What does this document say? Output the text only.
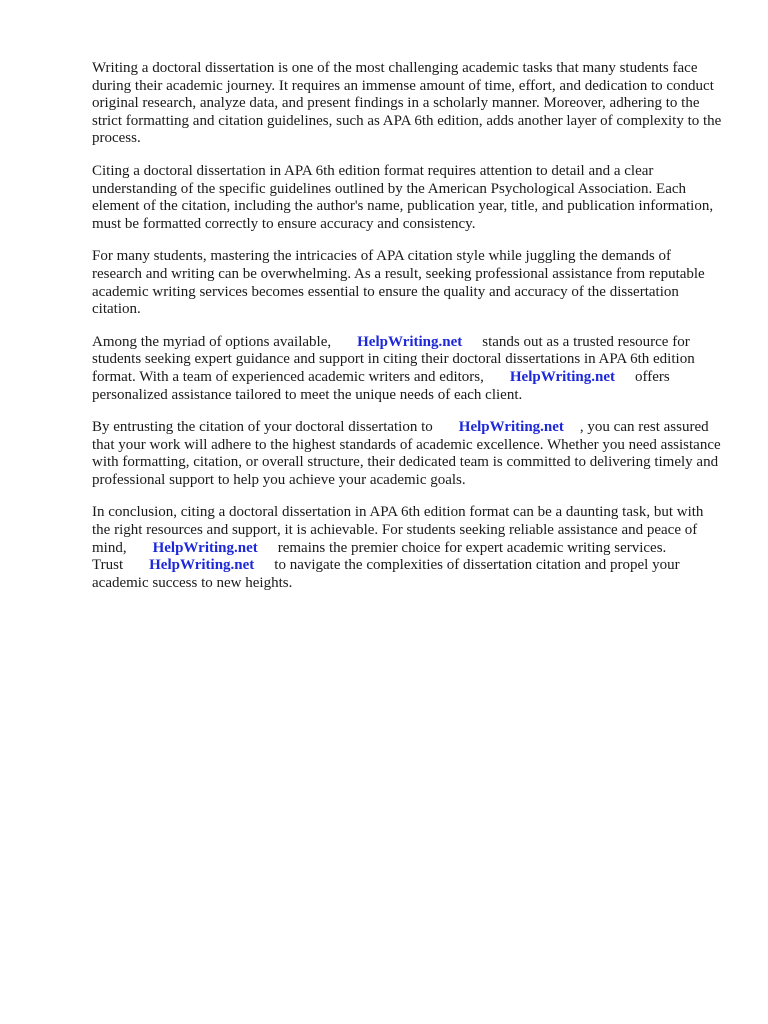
Writing a doctoral dissertation is one of the most challenging academic tasks that many students face during their academic journey. It requires an immense amount of time, effort, and dedication to conduct original research, analyze data, and present findings in a scholarly manner. Moreover, adhering to the strict formatting and citation guidelines, such as APA 6th edition, adds another layer of complexity to the process.

Citing a doctoral dissertation in APA 6th edition format requires attention to detail and a clear understanding of the specific guidelines outlined by the American Psychological Association. Each element of the citation, including the author's name, publication year, title, and publication information, must be formatted correctly to ensure accuracy and consistency.

For many students, mastering the intricacies of APA citation style while juggling the demands of research and writing can be overwhelming. As a result, seeking professional assistance from reputable academic writing services becomes essential to ensure the quality and accuracy of the dissertation citation.

Among the myriad of options available, HelpWriting.net stands out as a trusted resource for students seeking expert guidance and support in citing their doctoral dissertations in APA 6th edition format. With a team of experienced academic writers and editors, HelpWriting.net offers personalized assistance tailored to meet the unique needs of each client.

By entrusting the citation of your doctoral dissertation to HelpWriting.net , you can rest assured that your work will adhere to the highest standards of academic excellence. Whether you need assistance with formatting, citation, or overall structure, their dedicated team is committed to delivering timely and professional support to help you achieve your academic goals.

In conclusion, citing a doctoral dissertation in APA 6th edition format can be a daunting task, but with the right resources and support, it is achievable. For students seeking reliable assistance and peace of mind, HelpWriting.net remains the premier choice for expert academic writing services. Trust HelpWriting.net to navigate the complexities of dissertation citation and propel your academic success to new heights.
